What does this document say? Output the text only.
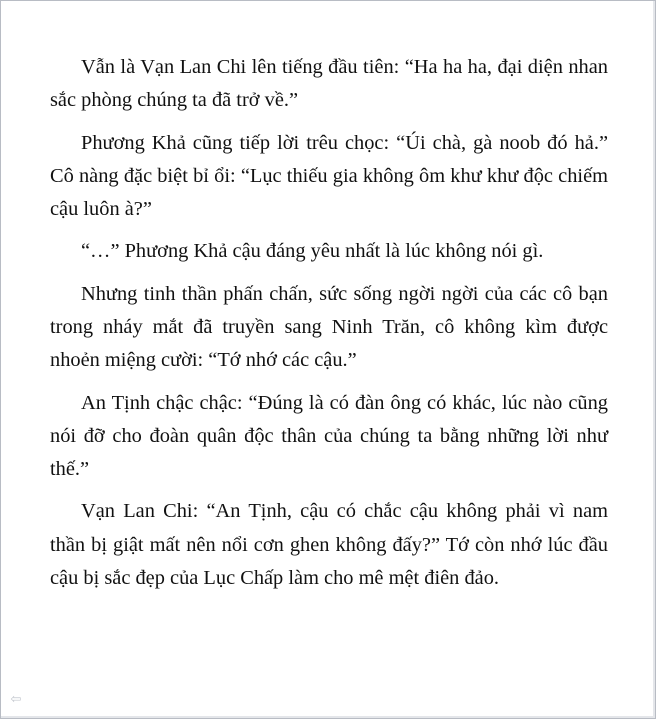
Vẫn là Vạn Lan Chi lên tiếng đầu tiên: “Ha ha ha, đại diện nhan sắc phòng chúng ta đã trở về.”

Phương Khả cũng tiếp lời trêu chọc: “Úi chà, gà noob đó hả.” Cô nàng đặc biệt bỉ ổi: “Lục thiếu gia không ôm khư khư độc chiếm cậu luôn à?”

“…” Phương Khả cậu đáng yêu nhất là lúc không nói gì.

Nhưng tinh thần phấn chấn, sức sống ngời ngời của các cô bạn trong nháy mắt đã truyền sang Ninh Trăn, cô không kìm được nhoẻn miệng cười: “Tớ nhớ các cậu.”

An Tịnh chậc chậc: “Đúng là có đàn ông có khác, lúc nào cũng nói đỡ cho đoàn quân độc thân của chúng ta bằng những lời như thế.”

Vạn Lan Chi: “An Tịnh, cậu có chắc cậu không phải vì nam thần bị giật mất nên nổi cơn ghen không đấy?” Tớ còn nhớ lúc đầu cậu bị sắc đẹp của Lục Chấp làm cho mê mệt điên đảo.

⇦
